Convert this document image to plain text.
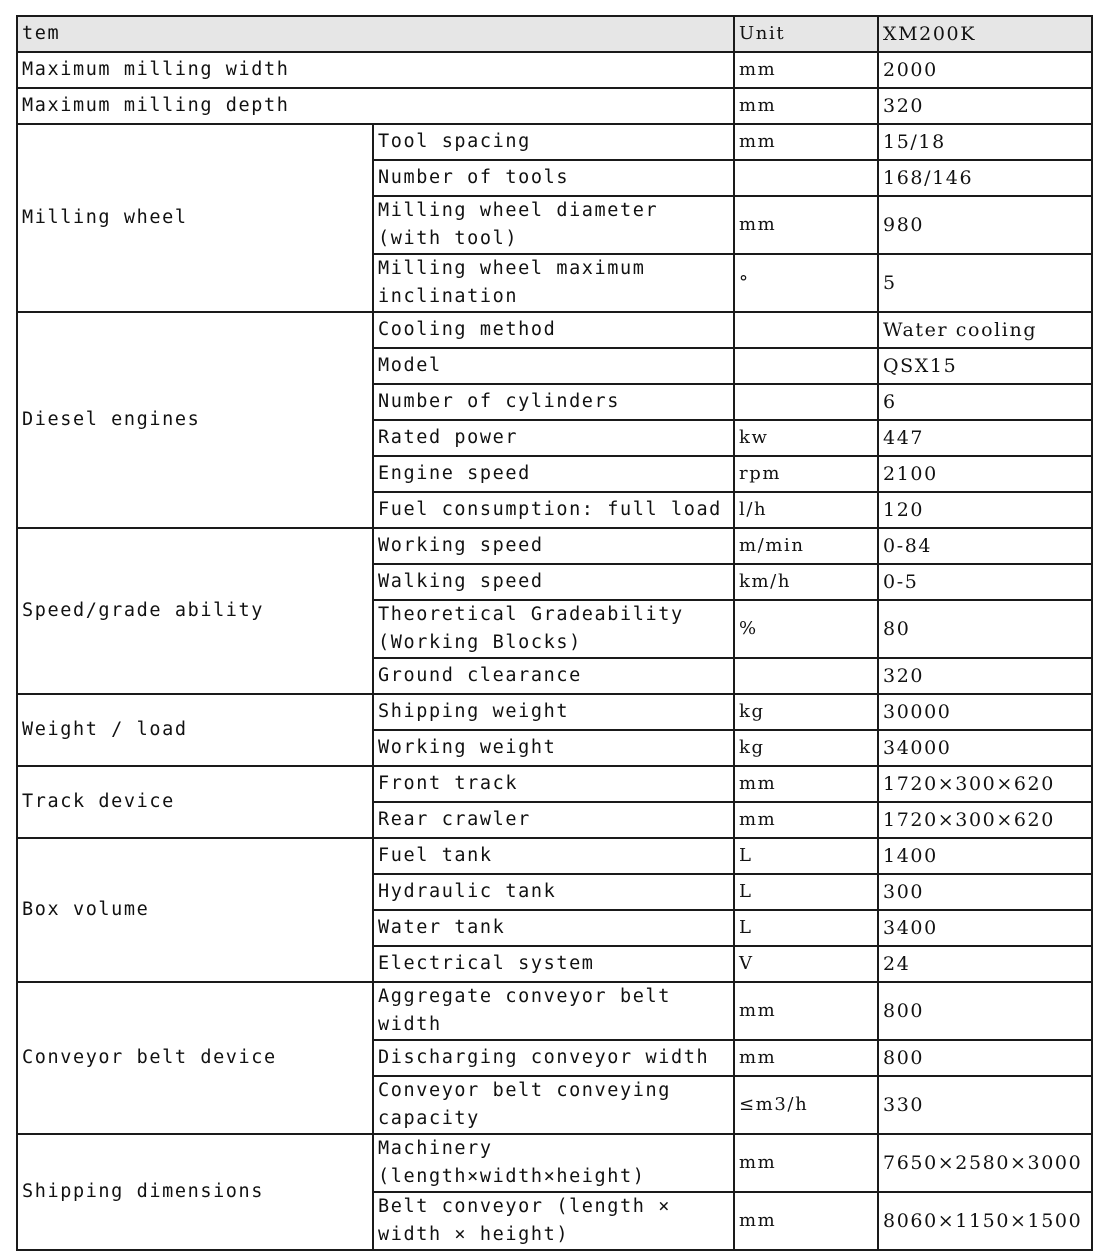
tem		Unit	XM200K
Maximum milling width		mm	2000
Maximum milling depth		mm	320
Milling wheel	Tool spacing	mm	15/18
	Number of tools		168/146
	Milling wheel diameter (with tool)	mm	980
	Milling wheel maximum inclination	°	5
Diesel engines	Cooling method		Water cooling
	Model		QSX15
	Number of cylinders		6
	Rated power	kw	447
	Engine speed	rpm	2100
	Fuel consumption: full load	l/h	120
Speed/grade ability	Working speed	m/min	0-84
	Walking speed	km/h	0-5
	Theoretical Gradeability (Working Blocks)	%	80
	Ground clearance		320
Weight / load	Shipping weight	kg	30000
	Working weight	kg	34000
Track device	Front track	mm	1720×300×620
	Rear crawler	mm	1720×300×620
Box volume	Fuel tank	L	1400
	Hydraulic tank	L	300
	Water tank	L	3400
	Electrical system	V	24
Conveyor belt device	Aggregate conveyor belt width	mm	800
	Discharging conveyor width	mm	800
	Conveyor belt conveying capacity	≤m3/h	330
Shipping dimensions	Machinery (length×width×height)	mm	7650×2580×3000
	Belt conveyor (length × width × height)	mm	8060×1150×1500
